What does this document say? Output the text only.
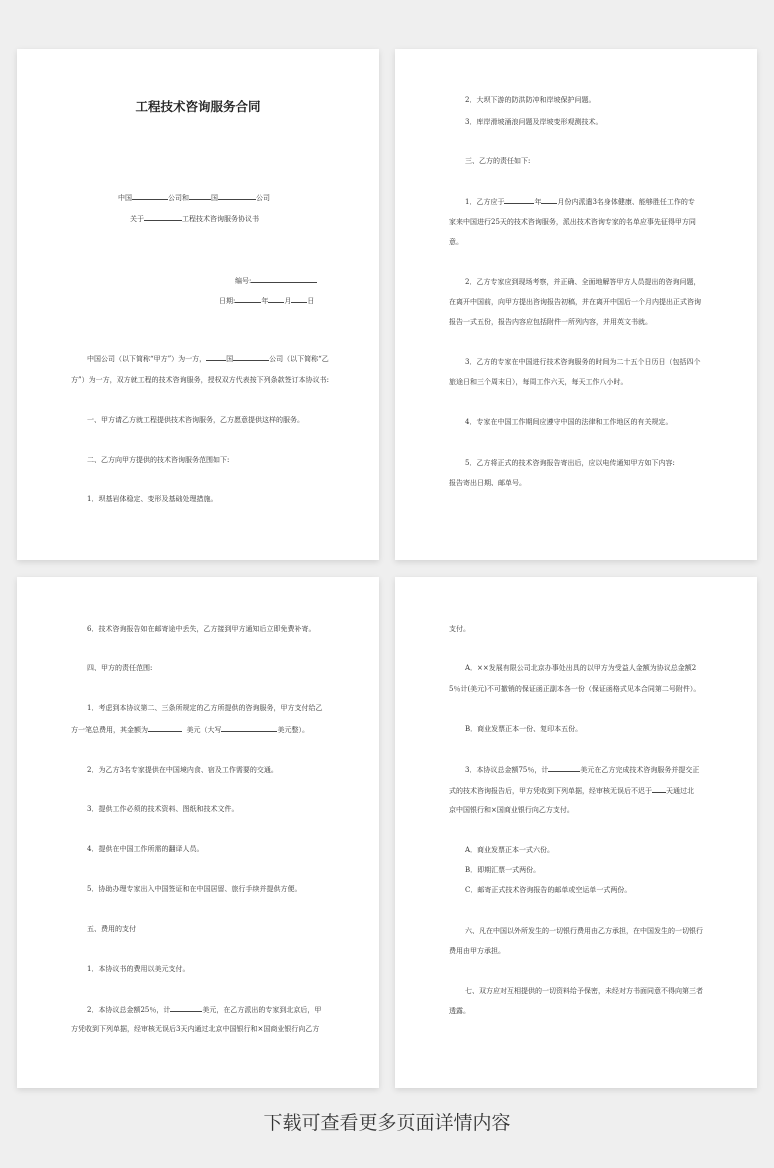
工程技术咨询服务合同
中国	公司和	国	公司
关于	工程技术咨询服务协议书
编号:
日期:	年 月 日
中国公司（以下简称“甲方”）为一方，	国	公司（以下简称“乙
方”）为一方，双方就工程的技术咨询服务，授权双方代表按下列条款签订本协议书:
一、甲方请乙方就工程提供技术咨询服务，乙方愿意提供这样的服务。
二、乙方向甲方提供的技术咨询服务范围如下:
1．坝基岩体稳定、变形及基础处理措施。
2．大坝下游的防洪防冲和岸坡保护问题。
3．库岸滑坡涌浪问题及岸坡变形观测技术。
三、乙方的责任如下:
1．乙方应于	年 月份内派遣3名身体健康、能够胜任工作的专
家来中国进行25天的技术咨询服务，派出技术咨询专家的名单应事先征得甲方同
意。
2．乙方专家应到现场考察，并正确、全面地解答甲方人员提出的咨询问题，
在离开中国前，向甲方提出咨询报告初稿，并在离开中国后一个月内提出正式咨询
报告一式五份，报告内容应包括附件一所列内容，并用英文书就。
3．乙方的专家在中国进行技术咨询服务的时间为二十五个日历日（包括四个
旅途日和三个周末日），每周工作六天，每天工作八小时。
4．专家在中国工作期间应遵守中国的法律和工作地区的有关规定。
5．乙方将正式的技术咨询报告寄出后，应以电传通知甲方如下内容:
报告寄出日期、邮单号。
6．技术咨询报告如在邮寄途中丢失，乙方接到甲方通知后立即免费补寄。
四、甲方的责任范围:
1．考虑到本协议第二、三条所规定的乙方所提供的咨询服务，甲方支付给乙
方一笔总费用，其金额为	美元（大写	美元整）。
2．为乙方3名专家提供在中国境内食、宿及工作需要的交通。
3．提供工作必须的技术资料、图纸和技术文件。
4．提供在中国工作所需的翻译人员。
5．协助办理专家出入中国签证和在中国居留、旅行手续并提供方便。
五、费用的支付
1．本协议书的费用以美元支付。
2．本协议总金额25％，计	美元，在乙方派出的专家到北京后，甲
方凭收到下列单据，经审核无误后3天内通过北京中国银行和×国商业银行向乙方
支付。
A．××发展有限公司北京办事处出具的以甲方为受益人金额为协议总金额2
5％计(美元)不可撤销的保证函正副本各一份（保证函格式见本合同第二号附件）。
B．商业发票正本一份、复印本五份。
3．本协议总金额75％，计	美元在乙方完成技术咨询服务并提交正
式的技术咨询报告后，甲方凭收到下列单据，经审核无误后不迟于 天通过北
京中国银行和×国商业银行向乙方支付。
A．商业发票正本一式六份。
B．即期汇票一式两份。
C．邮寄正式技术咨询报告的邮单或空运单一式两份。
六、凡在中国以外所发生的一切银行费用由乙方承担，在中国发生的一切银行
费用由甲方承担。
七、双方应对互相提供的一切资料给予保密，未经对方书面同意不得向第三者
透露。
下载可查看更多页面详情内容
